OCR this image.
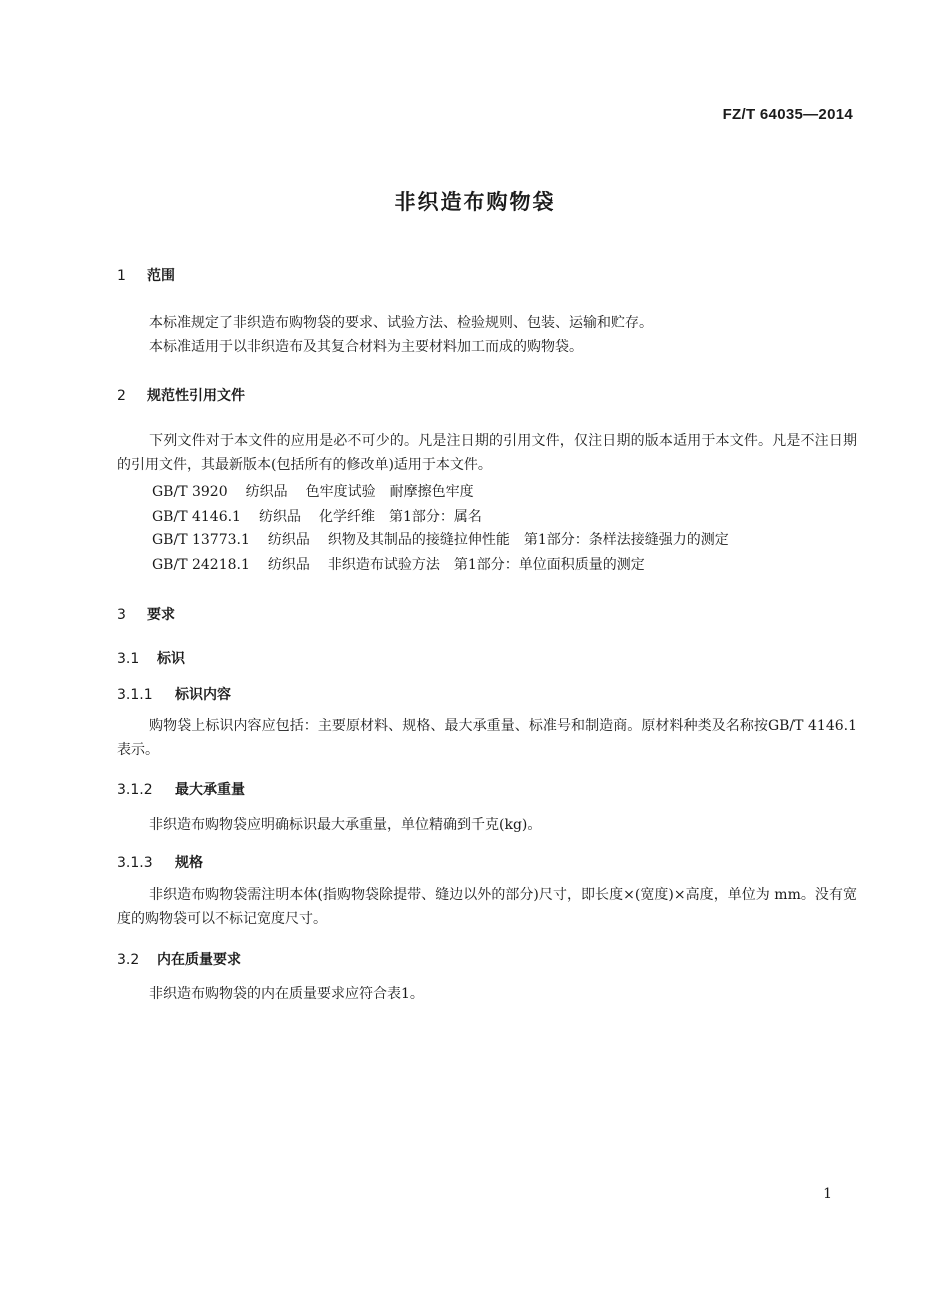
FZ/T 64035—2014
非织造布购物袋
1 范围
本标准规定了非织造布购物袋的要求、试验方法、检验规则、包装、运输和贮存。
本标准适用于以非织造布及其复合材料为主要材料加工而成的购物袋。
2 规范性引用文件
下列文件对于本文件的应用是必不可少的。凡是注日期的引用文件，仅注日期的版本适用于本文件。凡是不注日期的引用文件，其最新版本(包括所有的修改单)适用于本文件。
GB/T 3920 纺织品 色牢度试验　耐摩擦色牢度
GB/T 4146.1 纺织品 化学纤维　第1部分：属名
GB/T 13773.1 纺织品 织物及其制品的接缝拉伸性能　第1部分：条样法接缝强力的测定
GB/T 24218.1 纺织品 非织造布试验方法　第1部分：单位面积质量的测定
3 要求
3.1 标识
3.1.1 标识内容
购物袋上标识内容应包括：主要原材料、规格、最大承重量、标准号和制造商。原材料种类及名称按GB/T 4146.1 表示。
3.1.2 最大承重量
非织造布购物袋应明确标识最大承重量，单位精确到千克(kg)。
3.1.3 规格
非织造布购物袋需注明本体(指购物袋除提带、缝边以外的部分)尺寸，即长度×(宽度)×高度，单位为 mm。没有宽度的购物袋可以不标记宽度尺寸。
3.2 内在质量要求
非织造布购物袋的内在质量要求应符合表1。
1
